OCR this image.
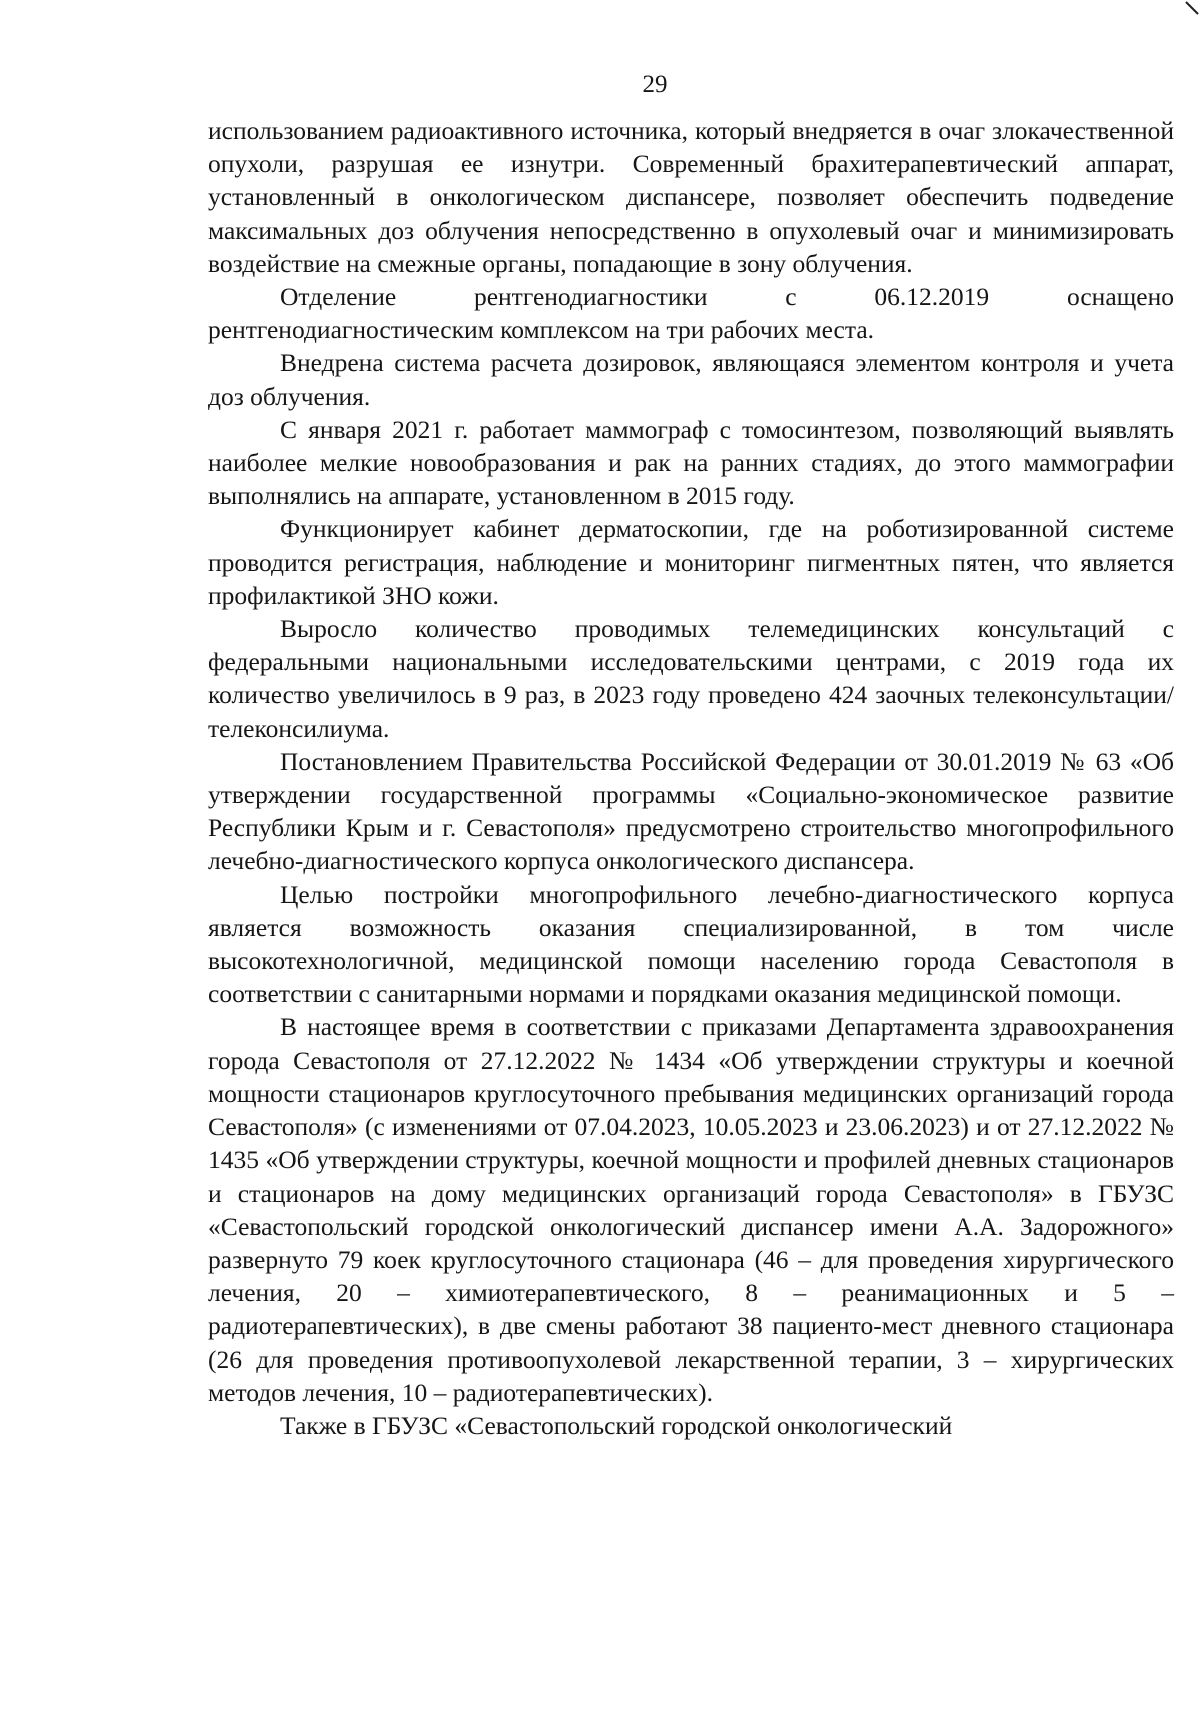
29

использованием радиоактивного источника, который внедряется в очаг злокачественной опухоли, разрушая ее изнутри. Современный брахитерапевтический аппарат, установленный в онкологическом диспансере, позволяет обеспечить подведение максимальных доз облучения непосредственно в опухолевый очаг и минимизировать воздействие на смежные органы, попадающие в зону облучения.

Отделение рентгенодиагностики с 06.12.2019 оснащено рентгенодиагностическим комплексом на три рабочих места.

Внедрена система расчета дозировок, являющаяся элементом контроля и учета доз облучения.

С января 2021 г. работает маммограф с томосинтезом, позволяющий выявлять наиболее мелкие новообразования и рак на ранних стадиях, до этого маммографии выполнялись на аппарате, установленном в 2015 году.

Функционирует кабинет дерматоскопии, где на роботизированной системе проводится регистрация, наблюдение и мониторинг пигментных пятен, что является профилактикой ЗНО кожи.

Выросло количество проводимых телемедицинских консультаций с федеральными национальными исследовательскими центрами, с 2019 года их количество увеличилось в 9 раз, в 2023 году проведено 424 заочных телеконсультации/телеконсилиума.

Постановлением Правительства Российской Федерации от 30.01.2019 № 63 «Об утверждении государственной программы «Социально-экономическое развитие Республики Крым и г. Севастополя» предусмотрено строительство многопрофильного лечебно-диагностического корпуса онкологического диспансера.

Целью постройки многопрофильного лечебно-диагностического корпуса является возможность оказания специализированной, в том числе высокотехнологичной, медицинской помощи населению города Севастополя в соответствии с санитарными нормами и порядками оказания медицинской помощи.

В настоящее время в соответствии с приказами Департамента здравоохранения города Севастополя от 27.12.2022 № 1434 «Об утверждении структуры и коечной мощности стационаров круглосуточного пребывания медицинских организаций города Севастополя» (с изменениями от 07.04.2023, 10.05.2023 и 23.06.2023) и от 27.12.2022 № 1435 «Об утверждении структуры, коечной мощности и профилей дневных стационаров и стационаров на дому медицинских организаций города Севастополя» в ГБУЗС «Севастопольский городской онкологический диспансер имени А.А. Задорожного» развернуто 79 коек круглосуточного стационара (46 – для проведения хирургического лечения, 20 – химиотерапевтического, 8 – реанимационных и 5 – радиотерапевтических), в две смены работают 38 пациенто-мест дневного стационара (26 для проведения противоопухолевой лекарственной терапии, 3 – хирургических методов лечения, 10 – радиотерапевтических).

Также в ГБУЗС «Севастопольский городской онкологический
